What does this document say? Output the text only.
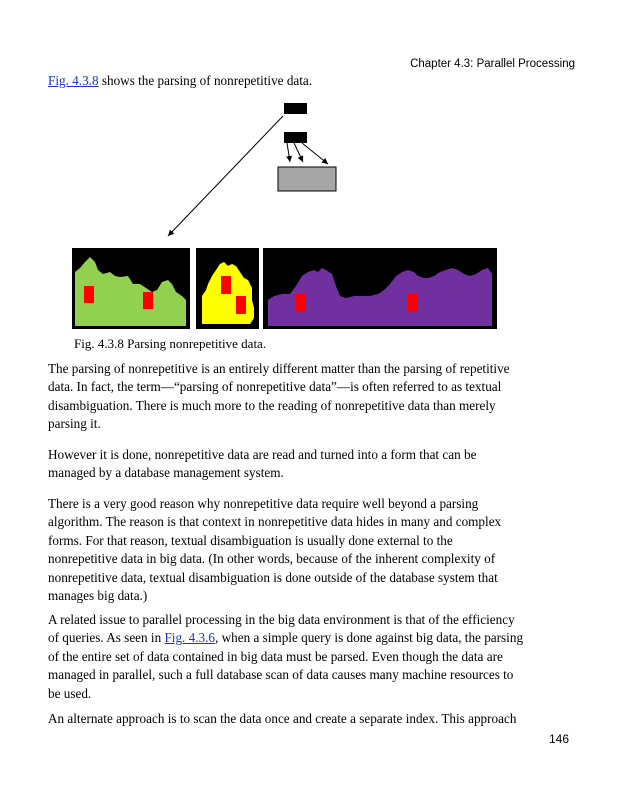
Chapter 4.3: Parallel Processing
Fig. 4.3.8 shows the parsing of nonrepetitive data.
Parse
Fig. 4.3.8 Parsing nonrepetitive data.
The parsing of nonrepetitive is an entirely different matter than the parsing of repetitive
data. In fact, the term—“parsing of nonrepetitive data”—is often referred to as textual
disambiguation. There is much more to the reading of nonrepetitive data than merely
parsing it.
However it is done, nonrepetitive data are read and turned into a form that can be
managed by a database management system.
There is a very good reason why nonrepetitive data require well beyond a parsing
algorithm. The reason is that context in nonrepetitive data hides in many and complex
forms. For that reason, textual disambiguation is usually done external to the
nonrepetitive data in big data. (In other words, because of the inherent complexity of
nonrepetitive data, textual disambiguation is done outside of the database system that
manages big data.)
A related issue to parallel processing in the big data environment is that of the efficiency
of queries. As seen in Fig. 4.3.6, when a simple query is done against big data, the parsing
of the entire set of data contained in big data must be parsed. Even though the data are
managed in parallel, such a full database scan of data causes many machine resources to
be used.
An alternate approach is to scan the data once and create a separate index. This approach
146
